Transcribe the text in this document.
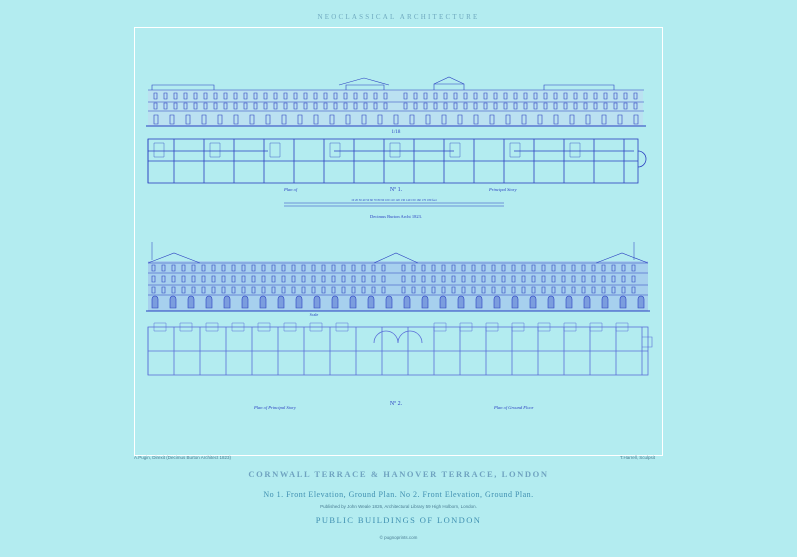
NEOCLASSICAL ARCHITECTURE
1/18
Plan of	Nº 1.	Principal Story
10 20 30 40 50 60 70 80 90 100 110 120 130 140 150 160 170 180 feet
Decimus Burton Archt 1823.
Scale
Plan of Principal Story
Nº 2.
Plan of Ground Floor
A.Pugin, Direxit (Decimus Burton Architect 1823)	T.Harrell, Sculpsit
CORNWALL TERRACE & HANOVER TERRACE, LONDON
No 1. Front Elevation, Ground Plan. No 2. Front Elevation, Ground Plan.
Published by John Weale 1826, Architectural Library 59 High Holborn, London.
PUBLIC BUILDINGS OF LONDON
© pugnoprints.com
